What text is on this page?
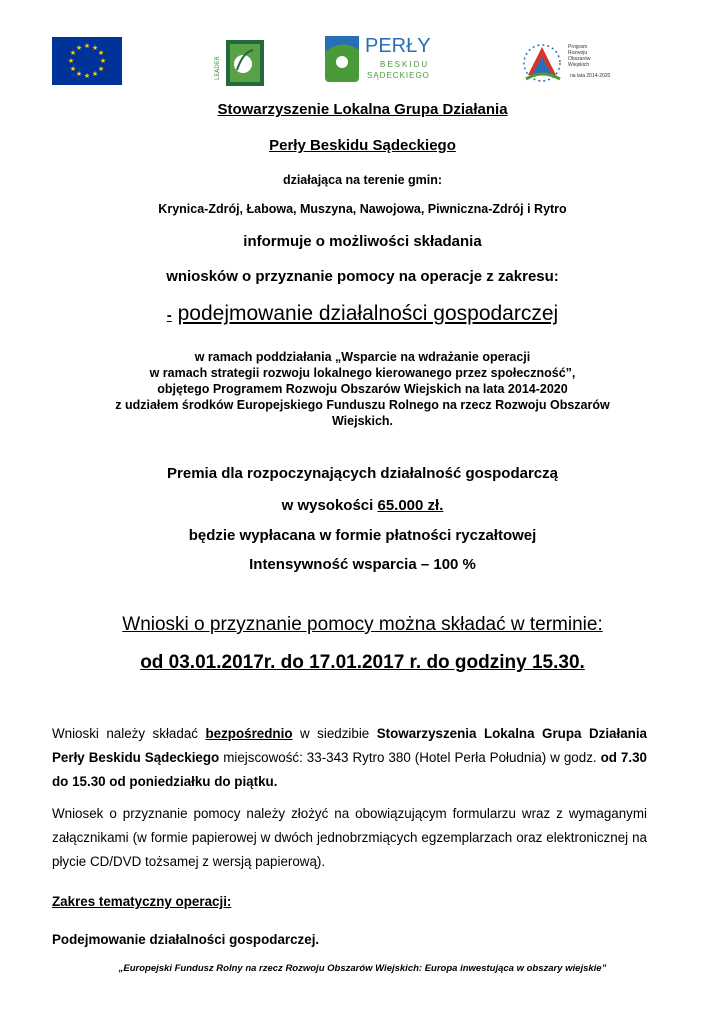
★ ★
★
★
★
★
★
★
★
★
★
★
LEADER
PERŁY
BESKIDU
SĄDECKIEGO
Program
Rozwoju
Obszarów
Wiejskich
na lata 2014-2020
Stowarzyszenie Lokalna Grupa Działania
Perły Beskidu Sądeckiego
działająca na terenie gmin:
Krynica-Zdrój, Łabowa, Muszyna, Nawojowa, Piwniczna-Zdrój i Rytro
informuje o możliwości składania
wniosków o przyznanie pomocy na operacje z zakresu:
- podejmowanie działalności gospodarczej
w ramach poddziałania „Wsparcie na wdrażanie operacji
w ramach strategii rozwoju lokalnego kierowanego przez społeczność”,
objętego Programem Rozwoju Obszarów Wiejskich na lata 2014-2020
z udziałem środków Europejskiego Funduszu Rolnego na rzecz Rozwoju Obszarów
Wiejskich.
Premia dla rozpoczynających działalność gospodarczą
w wysokości 65.000 zł.
będzie wypłacana w formie płatności ryczałtowej
Intensywność wsparcia – 100 %
Wnioski o przyznanie pomocy można składać w terminie:
od 03.01.2017r. do 17.01.2017 r. do godziny 15.30.
Wnioski należy składać bezpośrednio w siedzibie Stowarzyszenia Lokalna Grupa Działania Perły Beskidu Sądeckiego miejscowość: 33-343 Rytro 380 (Hotel Perła Południa) w godz. od 7.30 do 15.30 od poniedziałku do piątku.
Wniosek o przyznanie pomocy należy złożyć na obowiązującym formularzu wraz z wymaganymi załącznikami (w formie papierowej w dwóch jednobrzmiących egzemplarzach oraz elektronicznej na płycie CD/DVD tożsamej z wersją papierową).
Zakres tematyczny operacji:
Podejmowanie działalności gospodarczej.
„Europejski Fundusz Rolny na rzecz Rozwoju Obszarów Wiejskich: Europa inwestująca w obszary wiejskie”
